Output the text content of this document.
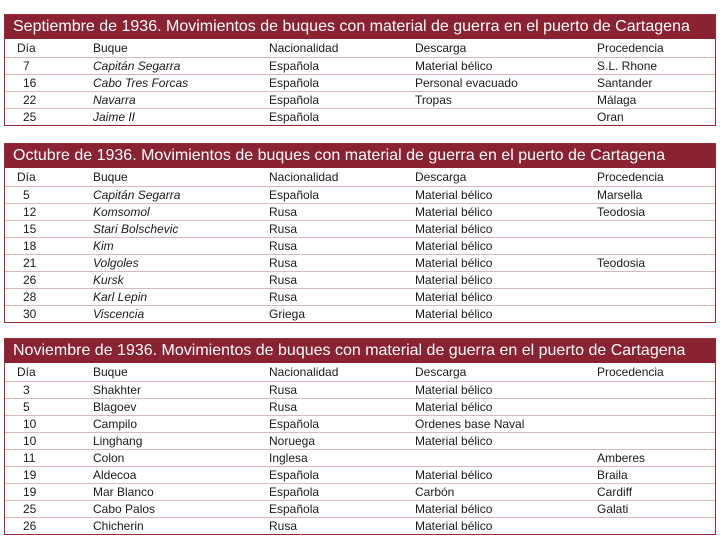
Septiembre de 1936. Movimientos de buques con material de guerra en el puerto de Cartagena
Día	Buque	Nacionalidad	Descarga	Procedencia
7	Capitán Segarra	Española	Material bélico	S.L. Rhone
16	Cabo Tres Forcas	Española	Personal evacuado	Santander
22	Navarra	Española	Tropas	Málaga
25	Jaime II	Española		Oran
Octubre de 1936. Movimientos de buques con material de guerra en el puerto de Cartagena
Día	Buque	Nacionalidad	Descarga	Procedencia
5	Capitán Segarra	Española	Material bélico	Marsella
12	Komsomol	Rusa	Material bélico	Teodosia
15	Stari Bolschevic	Rusa	Material bélico	
18	Kim	Rusa	Material bélico	
21	Volgoles	Rusa	Material bélico	Teodosia
26	Kursk	Rusa	Material bélico	
28	Karl Lepin	Rusa	Material bélico	
30	Viscencia	Griega	Material bélico	
Noviembre de 1936. Movimientos de buques con material de guerra en el puerto de Cartagena
Día	Buque	Nacionalidad	Descarga	Procedencia
3	Shakhter	Rusa	Material bélico	
5	Blagoev	Rusa	Material bélico	
10	Campilo	Española	Ordenes base Naval	
10	Linghang	Noruega	Material bélico	
11	Colon	Inglesa		Amberes
19	Aldecoa	Española	Material bélico	Braila
19	Mar Blanco	Española	Carbón	Cardiff
25	Cabo Palos	Española	Material bélico	Galati
26	Chicherin	Rusa	Material bélico	
